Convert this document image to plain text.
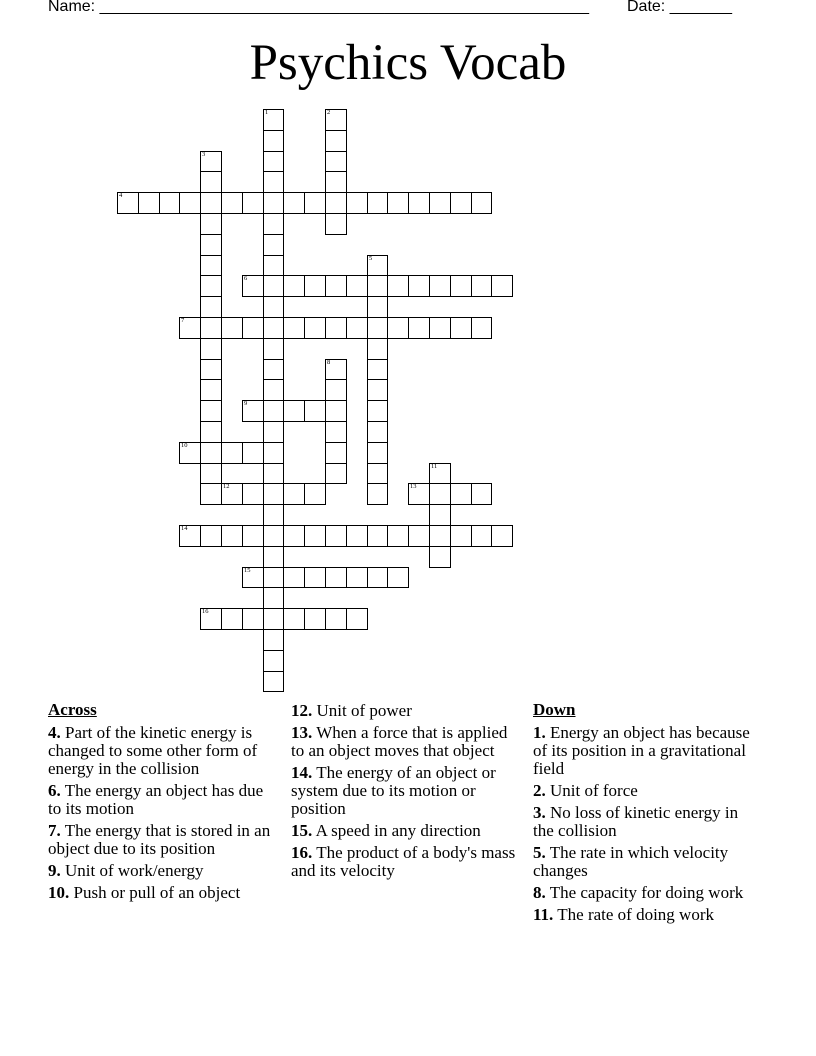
Name: _______________________________________________________ Date: _______
Psychics Vocab
1	2
3
4
5
6
7
8
9
10
11
12	13
14
15
16
Across
4. Part of the kinetic energy is changed to some other form of energy in the collision
6. The energy an object has due to its motion
7. The energy that is stored in an object due to its position
9. Unit of work/energy
10. Push or pull of an object
12. Unit of power
13. When a force that is applied to an object moves that object
14. The energy of an object or system due to its motion or position
15. A speed in any direction
16. The product of a body's mass and its velocity
Down
1. Energy an object has because of its position in a gravitational field
2. Unit of force
3. No loss of kinetic energy in the collision
5. The rate in which velocity changes
8. The capacity for doing work
11. The rate of doing work
